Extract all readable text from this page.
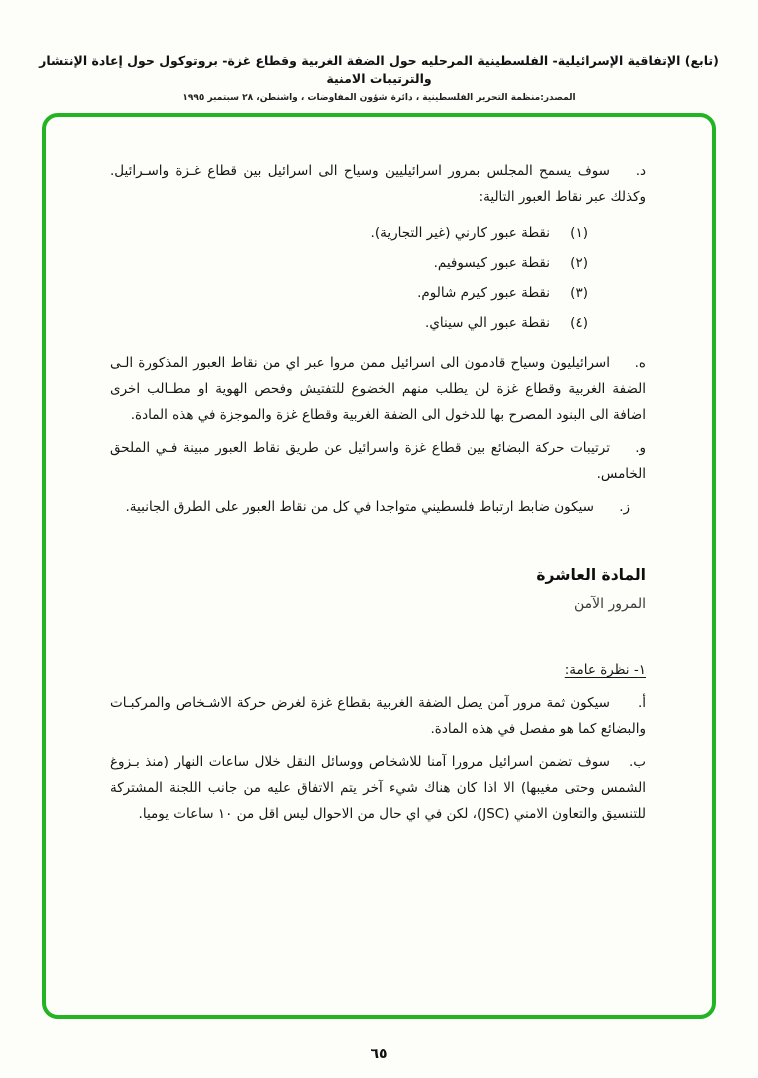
(تابع) الإتفاقية الإسرائيلية- الفلسطينية المرحليه حول الضفة الغربية وقطاع غزة- بروتوكول حول إعادة الإنتشار والترتيبات الامنية
المصدر:منظمة التحرير الفلسطينية ، دائرة شؤون المفاوضات ، واشنطن، ٢٨ سبتمبر ١٩٩٥

د.سوف يسمح المجلس بمرور اسرائيليين وسياح الى اسرائيل بين قطاع غـزة واسـرائيل. وكذلك عبر نقاط العبور التالية:

(١)نقطة عبور كارني (غير التجارية).

(٢)نقطة عبور كيسوفيم.

(٣)نقطة عبور كيرم شالوم.

(٤)نقطة عبور الي سيناي.

ه.اسرائيليون وسياح قادمون الى اسرائيل ممن مروا عبر اي من نقاط العبور المذكورة الـى الضفة الغربية وقطاع غزة لن يطلب منهم الخضوع للتفتيش وفحص الهوية او مطـالب اخرى اضافة الى البنود المصرح بها للدخول الى الضفة الغربية وقطاع غزة والموجزة في هذه المادة.

و.ترتيبات حركة البضائع بين قطاع غزة واسرائيل عن طريق نقاط العبور مبينة فـي الملحق الخامس.

ز.سيكون ضابط ارتباط فلسطيني متواجدا في كل من نقاط العبور على الطرق الجانبية.

المادة العاشرة
المرور الآمن
١- نظرة عامة:

أ.سيكون ثمة مرور آمن يصل الضفة الغربية بقطاع غزة لغرض حركة الاشـخاص والمركبـات والبضائع كما هو مفصل في هذه المادة.

ب.سوف تضمن اسرائيل مرورا آمنا للاشخاص ووسائل النقل خلال ساعات النهار (منذ بـزوغ الشمس وحتى مغيبها) الا اذا كان هناك شيء آخر يتم الاتفاق عليه من جانب اللجنة المشتركة للتنسيق والتعاون الامني (JSC)، لكن في اي حال من الاحوال ليس اقل من ١٠ ساعات يوميا.

٦٥
